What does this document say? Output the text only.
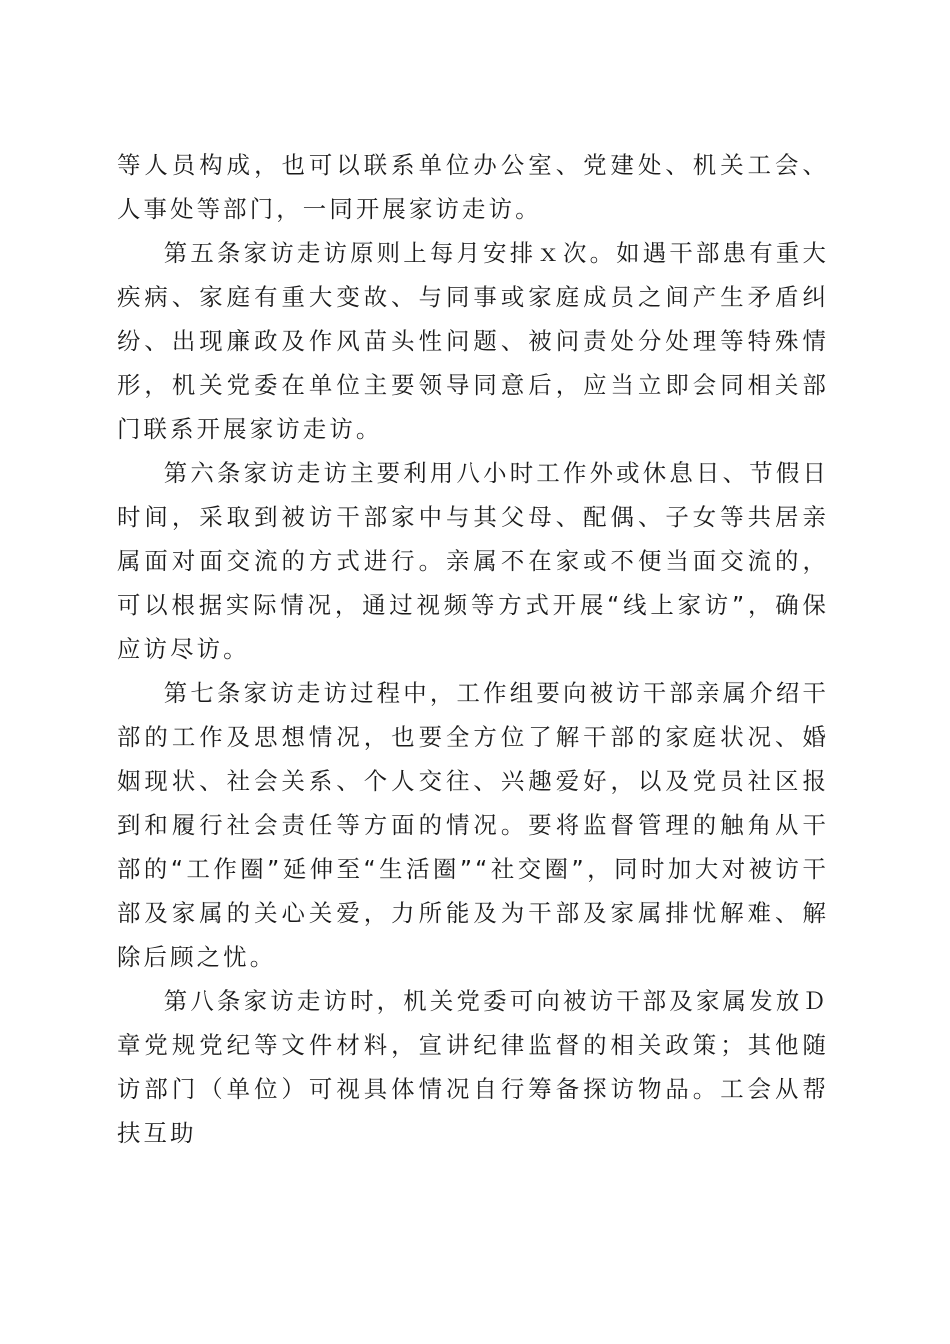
等人员构成，也可以联系单位办公室、党建处、机关工会、人事处等部门，一同开展家访走访。

第五条家访走访原则上每月安排ｘ次。如遇干部患有重大疾病、家庭有重大变故、与同事或家庭成员之间产生矛盾纠纷、出现廉政及作风苗头性问题、被问责处分处理等特殊情形，机关党委在单位主要领导同意后，应当立即会同相关部门联系开展家访走访。

第六条家访走访主要利用八小时工作外或休息日、节假日时间，采取到被访干部家中与其父母、配偶、子女等共居亲属面对面交流的方式进行。亲属不在家或不便当面交流的，可以根据实际情况，通过视频等方式开展“线上家访”，确保应访尽访。

第七条家访走访过程中，工作组要向被访干部亲属介绍干部的工作及思想情况，也要全方位了解干部的家庭状况、婚姻现状、社会关系、个人交往、兴趣爱好，以及党员社区报到和履行社会责任等方面的情况。要将监督管理的触角从干部的“工作圈”延伸至“生活圈”“社交圈”，同时加大对被访干部及家属的关心关爱，力所能及为干部及家属排忧解难、解除后顾之忧。

第八条家访走访时，机关党委可向被访干部及家属发放Ｄ章党规党纪等文件材料，宣讲纪律监督的相关政策；其他随访部门（单位）可视具体情况自行筹备探访物品。工会从帮扶互助
